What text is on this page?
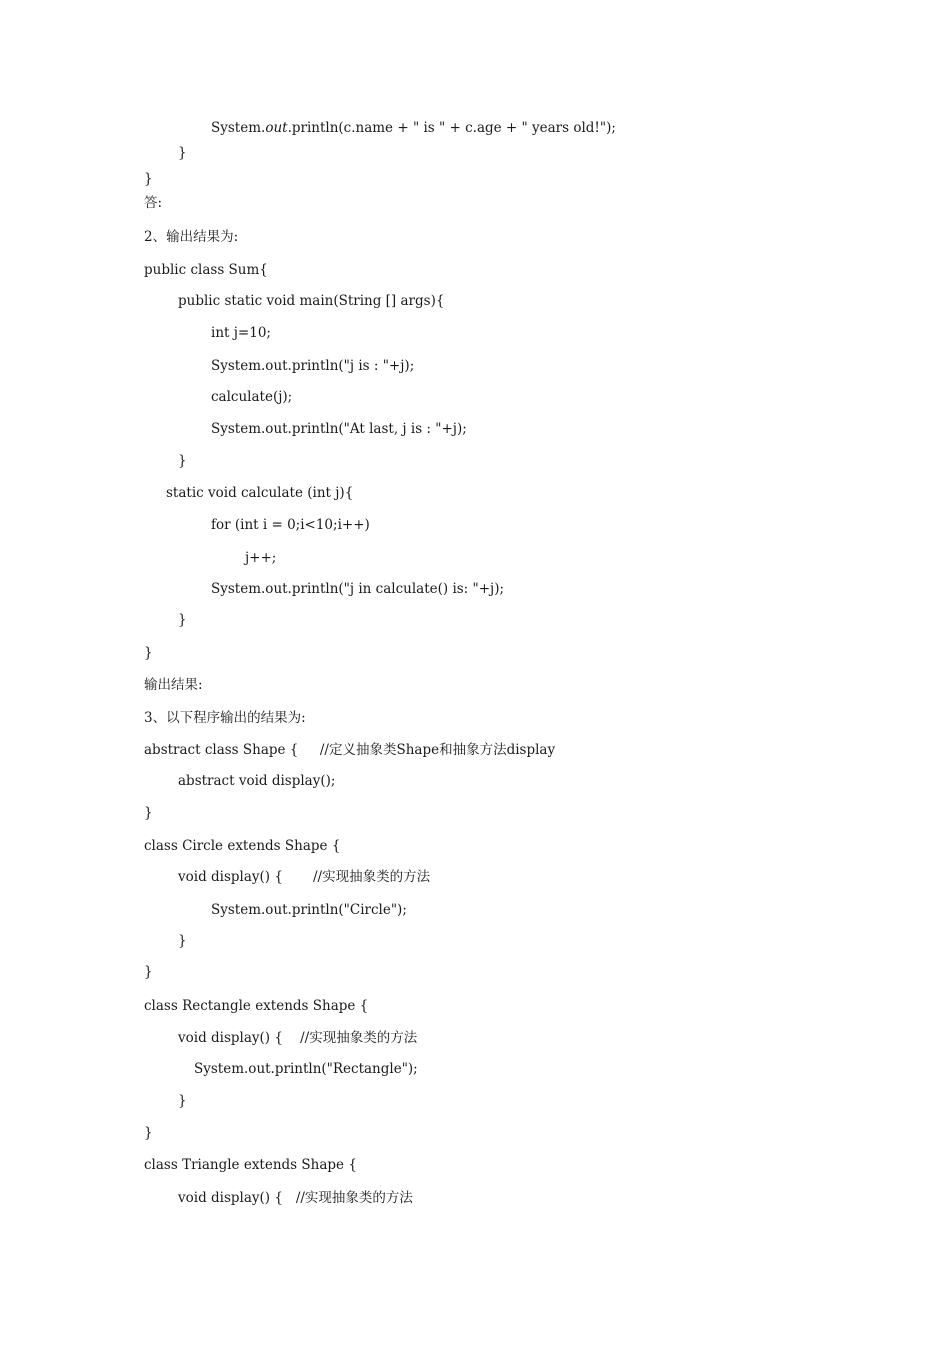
System.out.println(c.name + " is " + c.age + " years old!");
}
}
答:
2、输出结果为:
public class Sum{
public static void main(String [] args){
int j=10;
System.out.println("j is : "+j);
calculate(j);
System.out.println("At last, j is : "+j);
}
static void calculate (int j){
for (int i = 0;i<10;i++)
j++;
System.out.println("j in calculate() is: "+j);
}
}
输出结果:
3、以下程序输出的结果为:
abstract class Shape {     //定义抽象类Shape和抽象方法display
abstract void display();
}
class Circle extends Shape {
void display() {       //实现抽象类的方法
System.out.println("Circle");
}
}
class Rectangle extends Shape {
void display() {    //实现抽象类的方法
System.out.println("Rectangle");
}
}
class Triangle extends Shape {
void display() {   //实现抽象类的方法
